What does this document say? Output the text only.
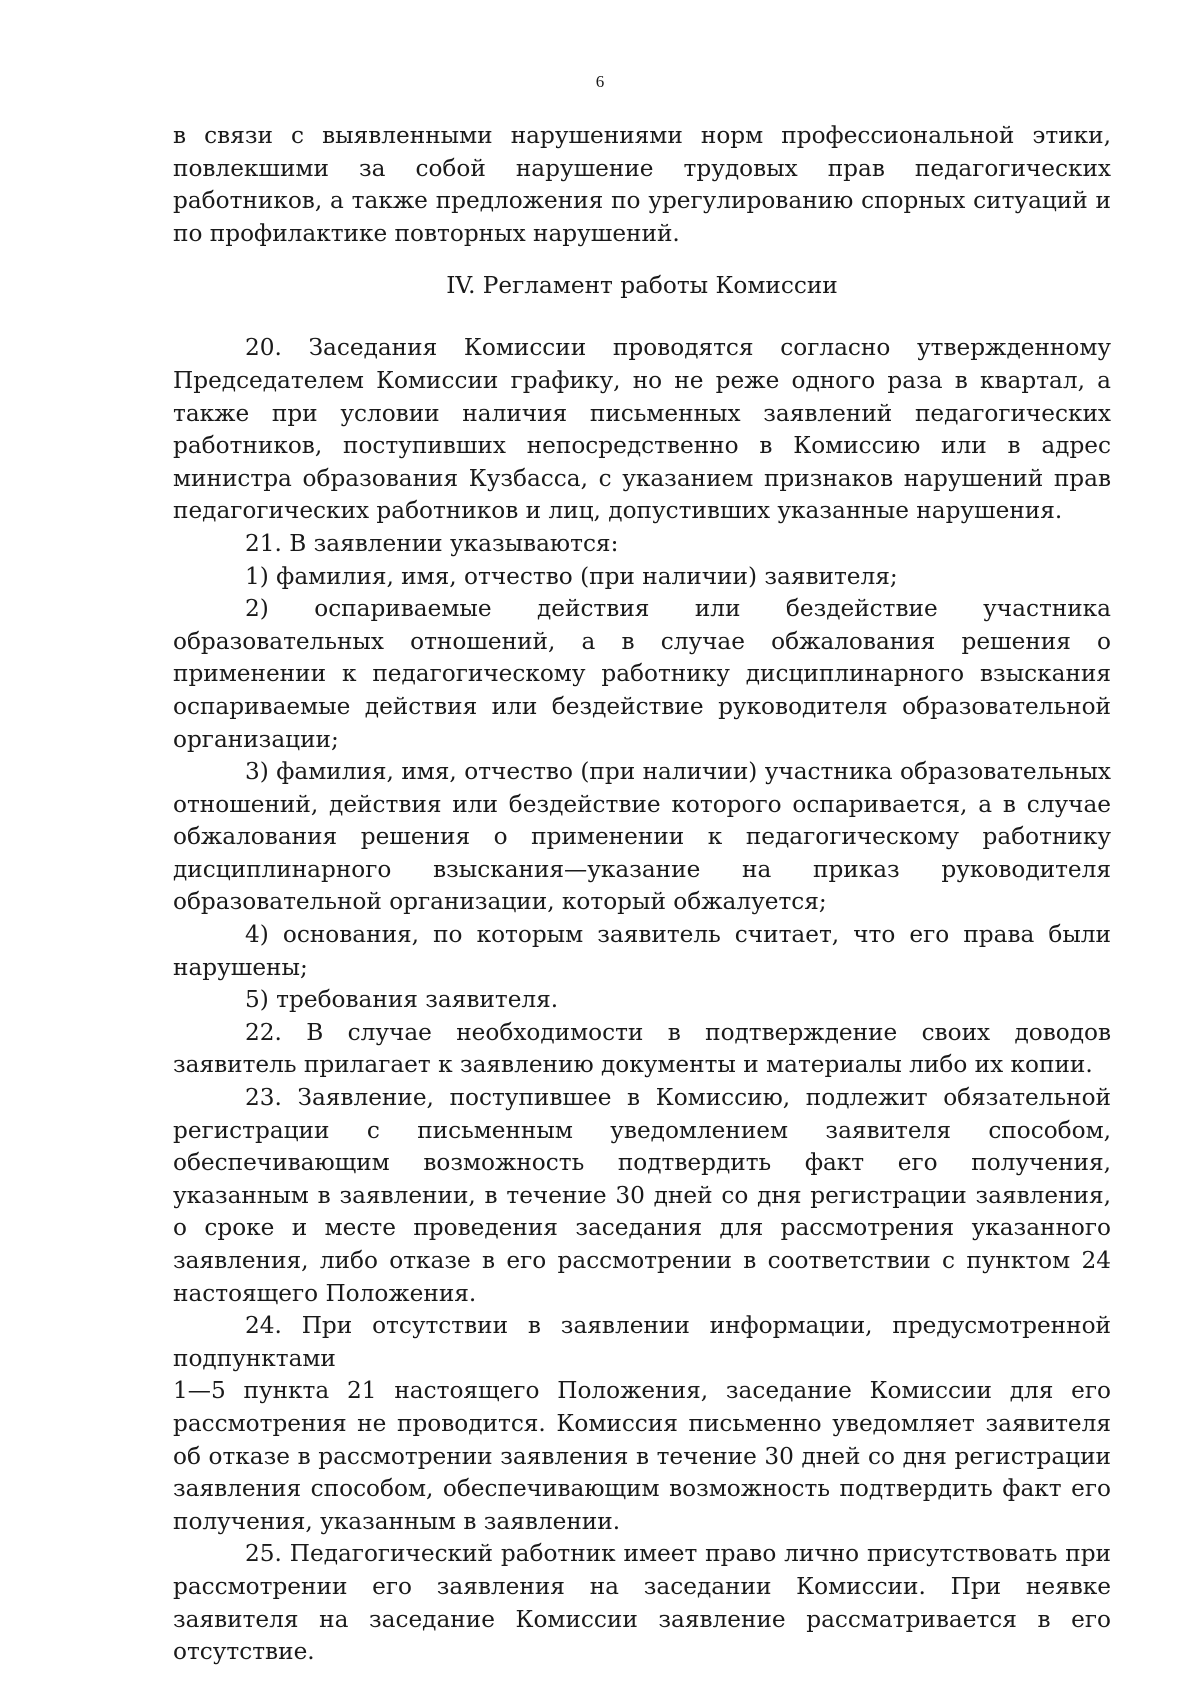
6

в связи с выявленными нарушениями норм профессиональной этики, повлекшими за собой нарушение трудовых прав педагогических работников, а также предложения по урегулированию спорных ситуаций и по профилактике повторных нарушений.

IV. Регламент работы Комиссии

20. Заседания Комиссии проводятся согласно утвержденному Председателем Комиссии графику, но не реже одного раза в квартал, а также при условии наличия письменных заявлений педагогических работников, поступивших непосредственно в Комиссию или в адрес министра образования Кузбасса, с указанием признаков нарушений прав педагогических работников и лиц, допустивших указанные нарушения.

21. В заявлении указываются:

1) фамилия, имя, отчество (при наличии) заявителя;

2) оспариваемые действия или бездействие участника образовательных отношений, а в случае обжалования решения о применении к педагогическому работнику дисциплинарного взыскания оспариваемые действия или бездействие руководителя образовательной организации;

3) фамилия, имя, отчество (при наличии) участника образовательных отношений, действия или бездействие которого оспаривается, а в случае обжалования решения о применении к педагогическому работнику дисциплинарного взыскания—указание на приказ руководителя образовательной организации, который обжалуется;

4) основания, по которым заявитель считает, что его права были нарушены;

5) требования заявителя.

22. В случае необходимости в подтверждение своих доводов заявитель прилагает к заявлению документы и материалы либо их копии.

23. Заявление, поступившее в Комиссию, подлежит обязательной регистрации с письменным уведомлением заявителя способом, обеспечивающим возможность подтвердить факт его получения, указанным в заявлении, в течение 30 дней со дня регистрации заявления, о сроке и месте проведения заседания для рассмотрения указанного заявления, либо отказе в его рассмотрении в соответствии с пунктом 24 настоящего Положения.

24. При отсутствии в заявлении информации, предусмотренной подпунктами

1—5 пункта 21 настоящего Положения, заседание Комиссии для его рассмотрения не проводится. Комиссия письменно уведомляет заявителя об отказе в рассмотрении заявления в течение 30 дней со дня регистрации заявления способом, обеспечивающим возможность подтвердить факт его получения, указанным в заявлении.

25. Педагогический работник имеет право лично присутствовать при рассмотрении его заявления на заседании Комиссии. При неявке заявителя на заседание Комиссии заявление рассматривается в его отсутствие.
